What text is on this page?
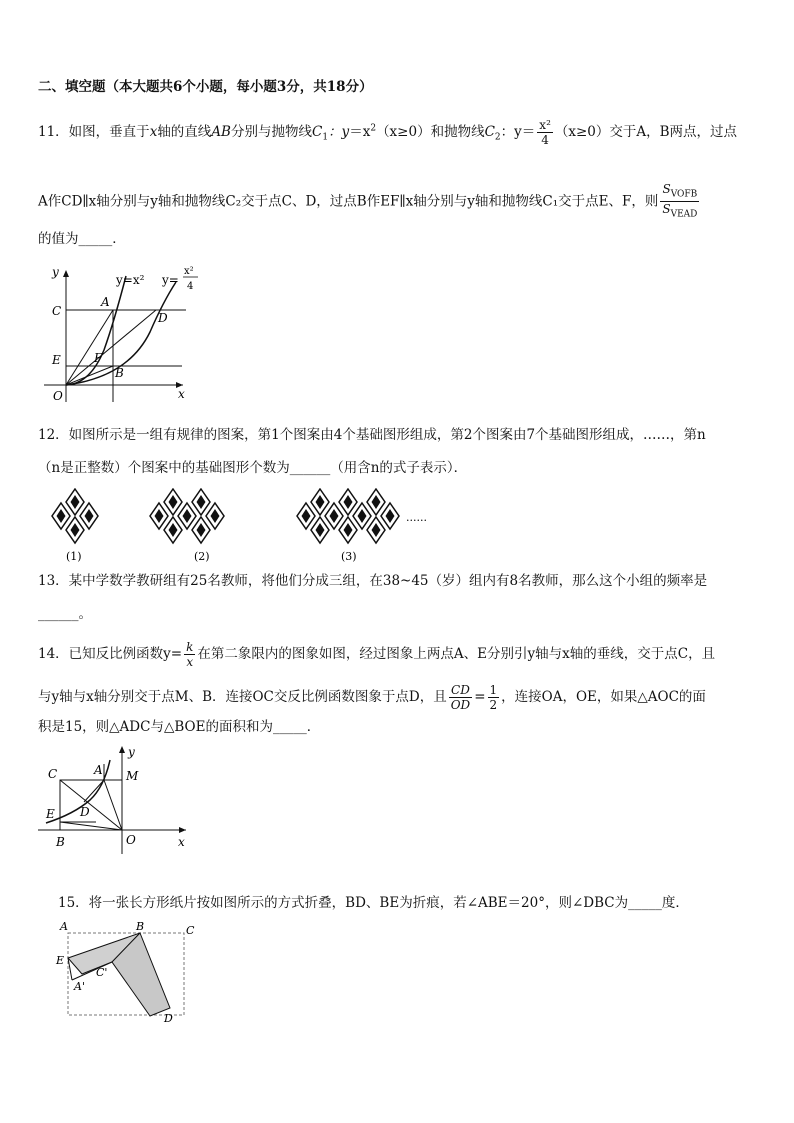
二、填空题（本大题共6个小题，每小题3分，共18分）
11．如图，垂直于x轴的直线AB分别与抛物线$C_1$：$y=x^2(x\ge 0)$和抛物线$C_2$：$y= \frac{\text{x²}}{4} (x\ge 0)$交于A，B两点，过点
A作CD∥x轴分别与y轴和抛物线C₂交于点C、D，过点B作EF∥x轴分别与y轴和抛物线C₁交于点E、F，则 $\frac{S_{VOFB}}{S_{VEAD}}$
的值为_____．
y
x
O
y=x² y=
x²
4
A
C	D
E	F
B
12．如图所示是一组有规律的图案，第1个图案由4个基础图形组成，第2个图案由7个基础图形组成，……，第n
（n是正整数）个图案中的基础图形个数为______（用含n的式子表示）．
......
(1)	(2)	(3)
13．某中学数学教研组有25名教师，将他们分成三组，在38~45（岁）组内有8名教师，那么这个小组的频率是
______。
14．已知反比例函数$y= \frac{k}{x}$ 在第二象限内的图象如图，经过图象上两点A、E分别引y轴与x轴的垂线，交于点C，且
与y轴与x轴分别交于点M、B．连接OC交反比例函数图象于点D，且 $\frac{CD}{OD} = \frac{1}{2}$ ，连接OA，OE，如果△AOC的面
积是15，则△ADC与△BOE的面积和为_____．
y
C	A M
E D
B	O	x
15．将一张长方形纸片按如图所示的方式折叠，BD、BE为折痕，若∠ABE＝20°，则∠DBC为_____度．
A	B	C
E
C'
A'
D
